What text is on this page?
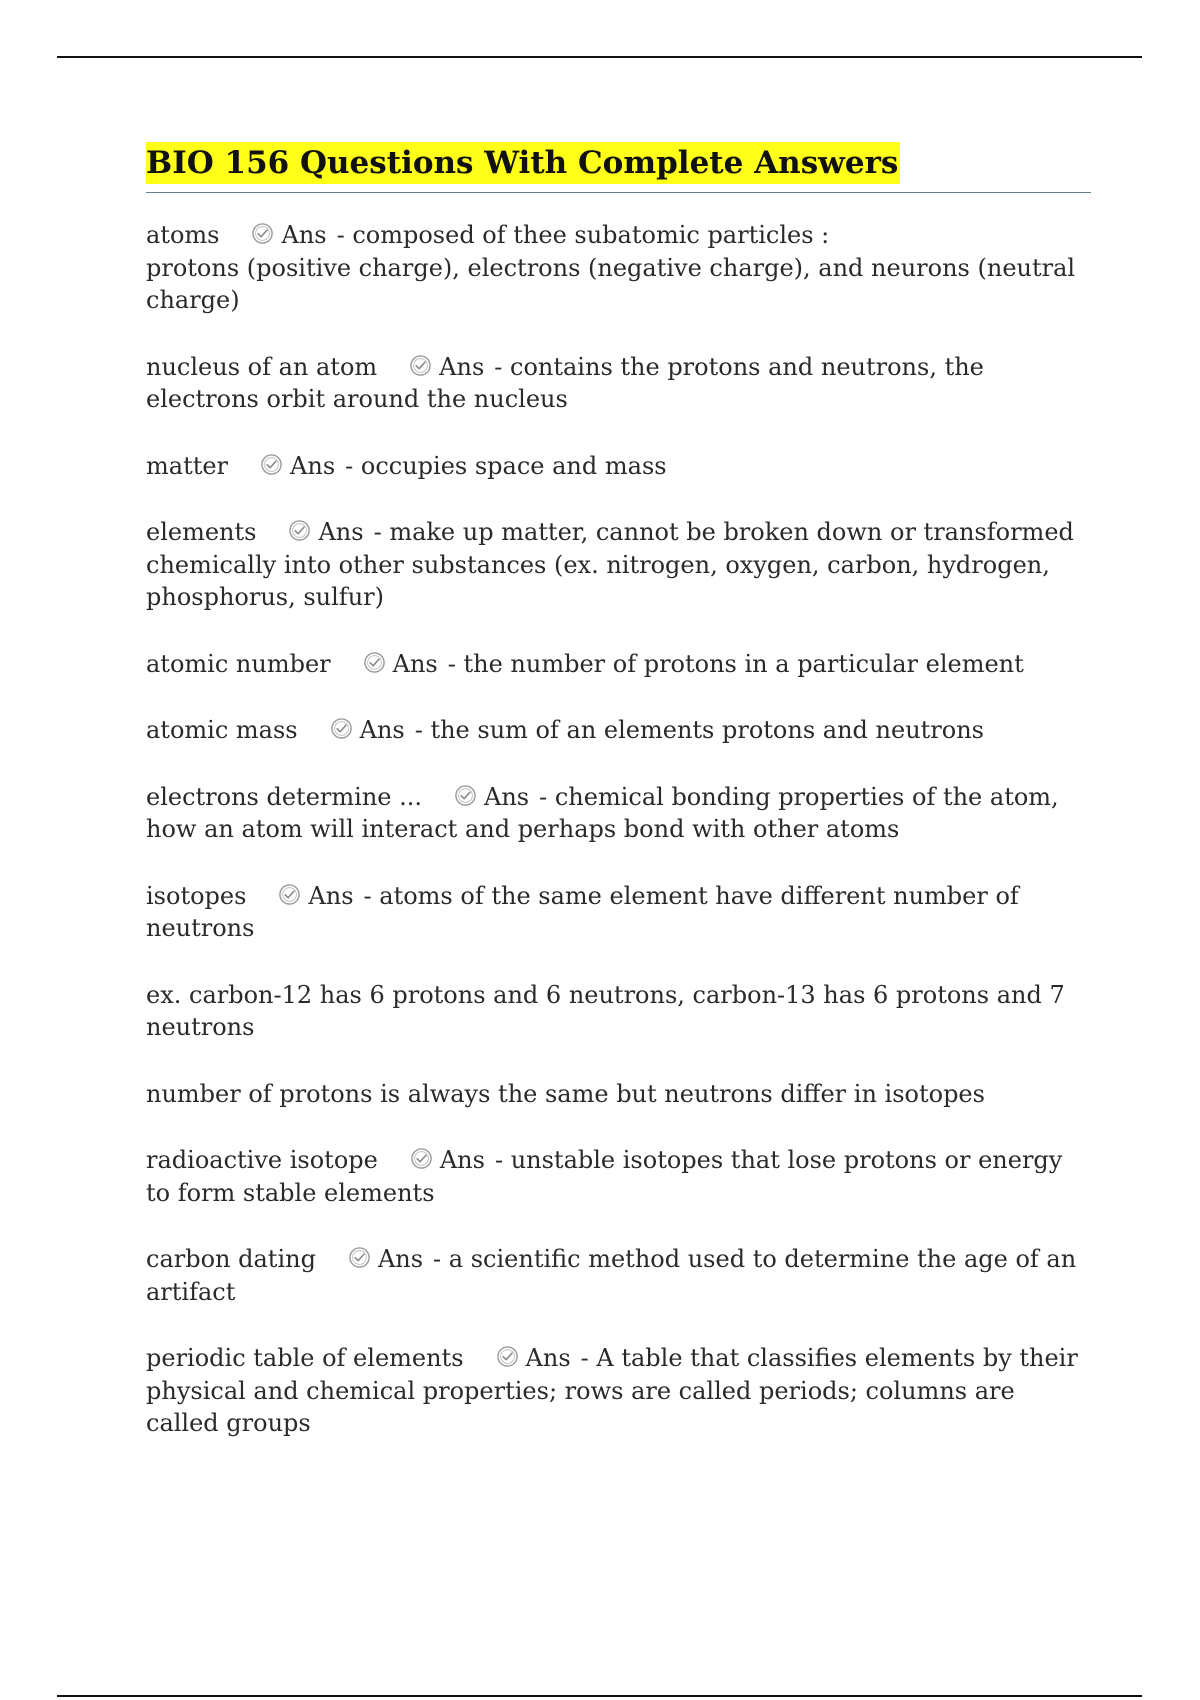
BIO 156 Questions With Complete Answers
atoms	Ans - composed of thee subatomic particles :
protons (positive charge), electrons (negative charge), and neurons (neutral charge)
nucleus of an atom	Ans - contains the protons and neutrons, the electrons orbit around the nucleus
matter	Ans - occupies space and mass
elements	Ans - make up matter, cannot be broken down or transformed chemically into other substances (ex. nitrogen, oxygen, carbon, hydrogen, phosphorus, sulfur)
atomic number	Ans - the number of protons in a particular element
atomic mass	Ans - the sum of an elements protons and neutrons
electrons determine ...	Ans - chemical bonding properties of the atom, how an atom will interact and perhaps bond with other atoms
isotopes	Ans - atoms of the same element have different number of neutrons
ex. carbon-12 has 6 protons and 6 neutrons, carbon-13 has 6 protons and 7 neutrons
number of protons is always the same but neutrons differ in isotopes
radioactive isotope	Ans - unstable isotopes that lose protons or energy to form stable elements
carbon dating	Ans - a scientific method used to determine the age of an artifact
periodic table of elements	Ans - A table that classifies elements by their physical and chemical properties; rows are called periods; columns are called groups
